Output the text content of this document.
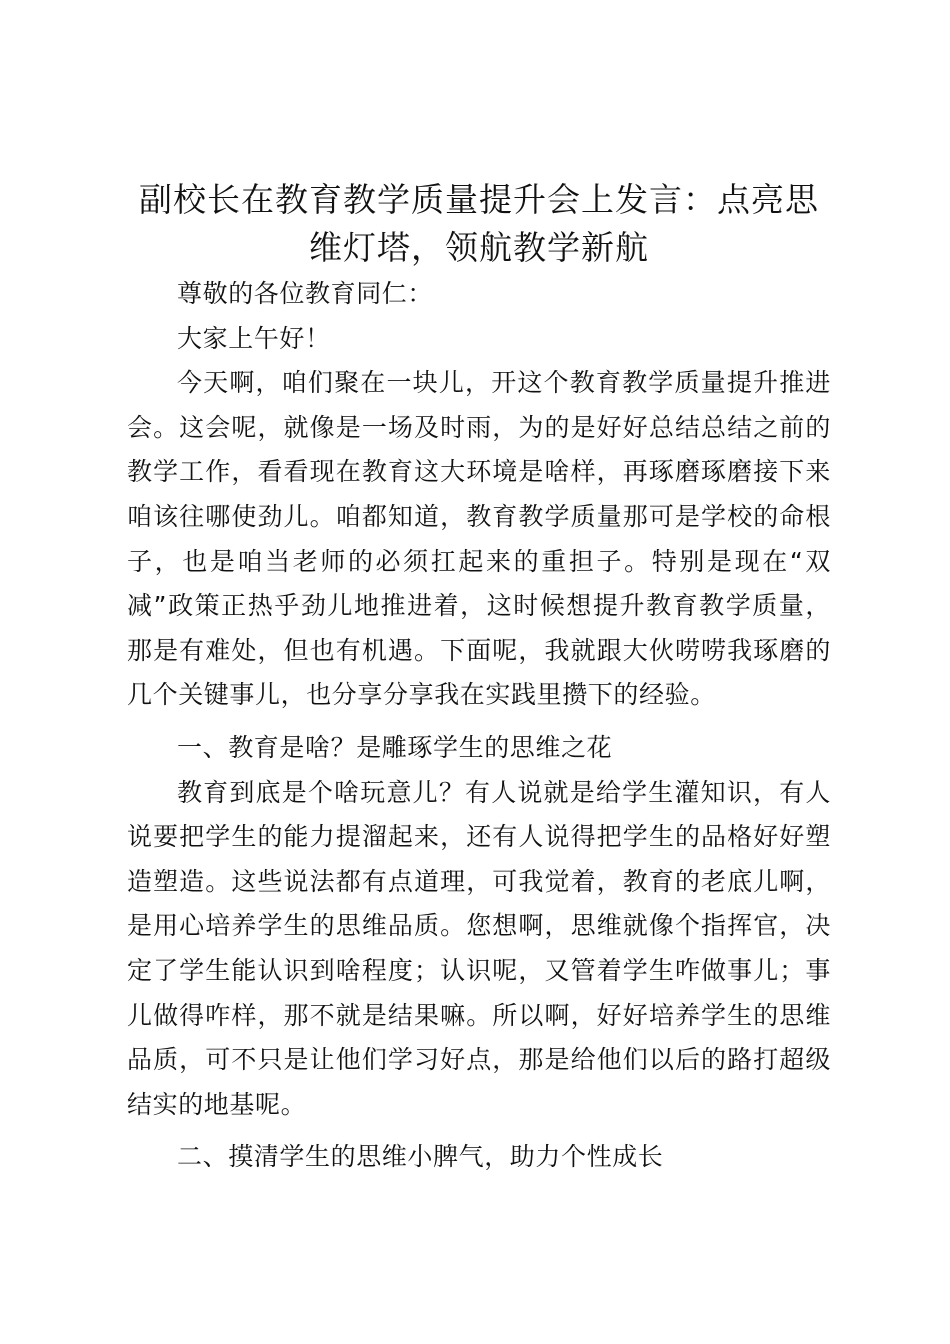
副校长在教育教学质量提升会上发言：点亮思维灯塔，领航教学新航

尊敬的各位教育同仁：

大家上午好！

今天啊，咱们聚在一块儿，开这个教育教学质量提升推进会。这会呢，就像是一场及时雨，为的是好好总结总结之前的教学工作，看看现在教育这大环境是啥样，再琢磨琢磨接下来咱该往哪使劲儿。咱都知道，教育教学质量那可是学校的命根子，也是咱当老师的必须扛起来的重担子。特别是现在“双减”政策正热乎劲儿地推进着，这时候想提升教育教学质量，那是有难处，但也有机遇。下面呢，我就跟大伙唠唠我琢磨的几个关键事儿，也分享分享我在实践里攒下的经验。

一、教育是啥？是雕琢学生的思维之花

教育到底是个啥玩意儿？有人说就是给学生灌知识，有人说要把学生的能力提溜起来，还有人说得把学生的品格好好塑造塑造。这些说法都有点道理，可我觉着，教育的老底儿啊，是用心培养学生的思维品质。您想啊，思维就像个指挥官，决定了学生能认识到啥程度；认识呢，又管着学生咋做事儿；事儿做得咋样，那不就是结果嘛。所以啊，好好培养学生的思维品质，可不只是让他们学习好点，那是给他们以后的路打超级结实的地基呢。

二、摸清学生的思维小脾气，助力个性成长
